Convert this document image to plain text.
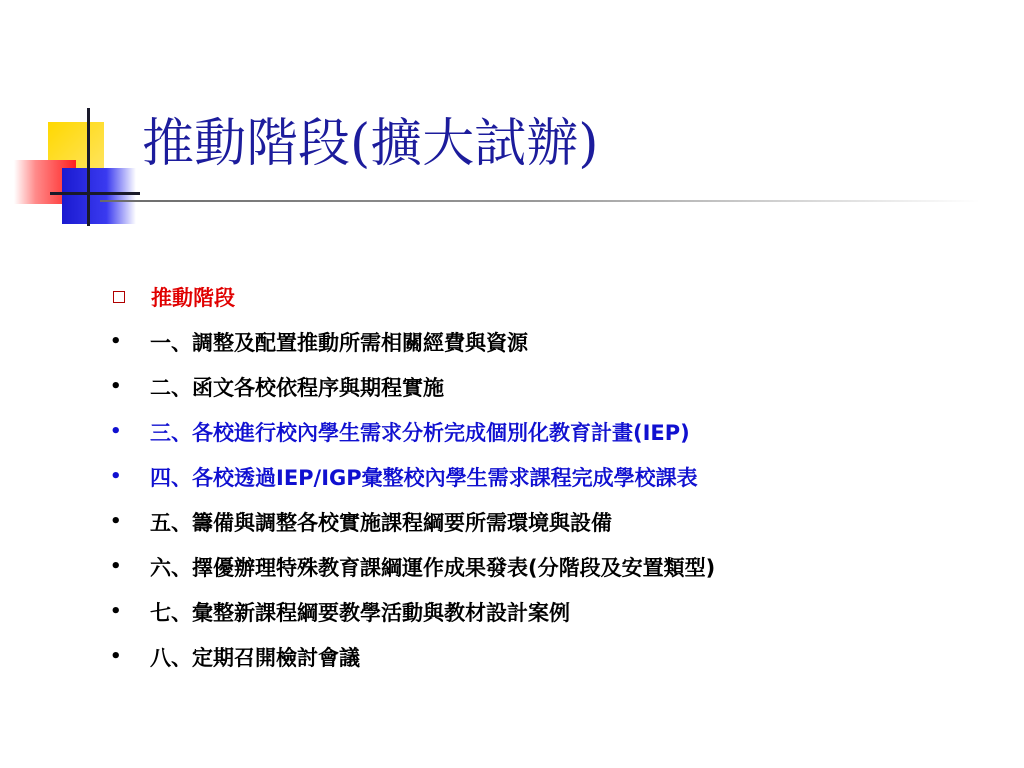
推動階段(擴大試辦)
推動階段
•	一、調整及配置推動所需相關經費與資源
•	二、函文各校依程序與期程實施
•	三、各校進行校內學生需求分析完成個別化教育計畫(IEP)
•	四、各校透過IEP/IGP彙整校內學生需求課程完成學校課表
•	五、籌備與調整各校實施課程綱要所需環境與設備
•	六、擇優辦理特殊教育課綱運作成果發表(分階段及安置類型)
•	七、彙整新課程綱要教學活動與教材設計案例
•	八、定期召開檢討會議
